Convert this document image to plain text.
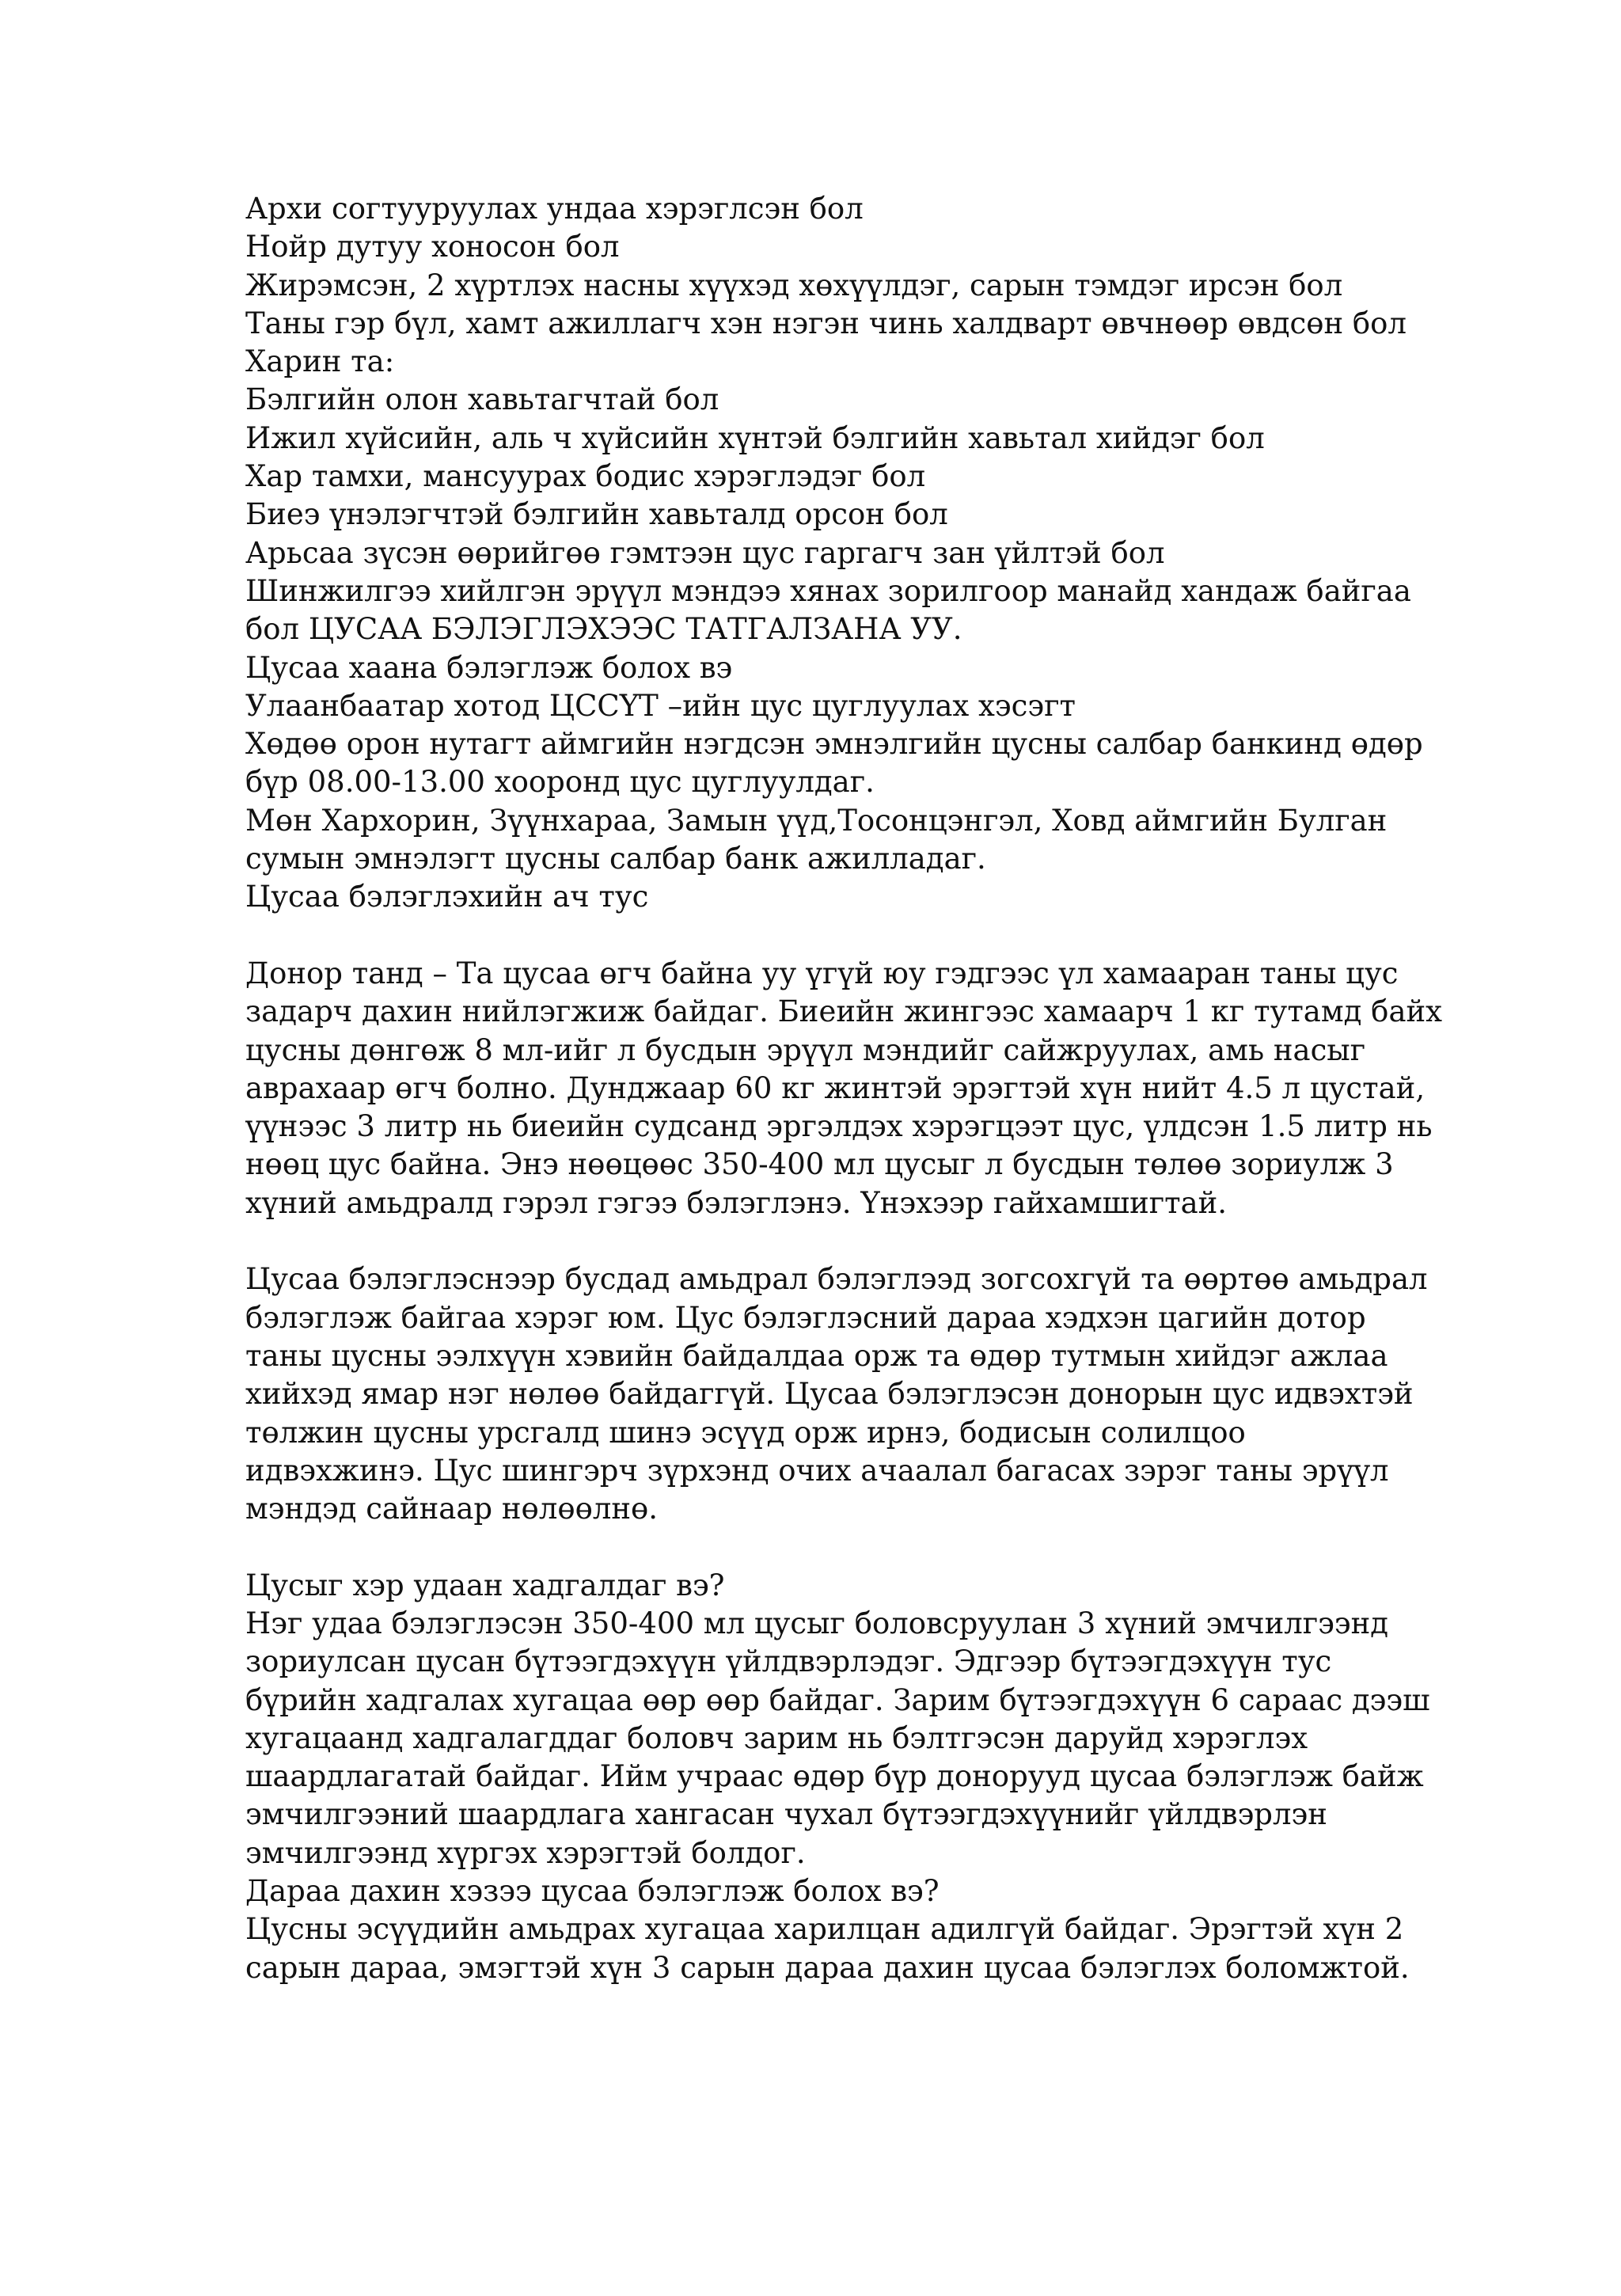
Архи согтууруулах ундаа хэрэглсэн бол
Нойр дутуу хоносон бол
Жирэмсэн, 2 хүртлэх насны хүүхэд хөхүүлдэг, сарын тэмдэг ирсэн бол
Таны гэр бүл, хамт ажиллагч хэн нэгэн чинь халдварт өвчнөөр өвдсөн бол
Харин та:
Бэлгийн олон хавьтагчтай бол
Ижил хүйсийн, аль ч хүйсийн хүнтэй бэлгийн хавьтал хийдэг бол
Хар тамхи, мансуурах бодис хэрэглэдэг бол
Биеэ үнэлэгчтэй бэлгийн хавьталд орсон бол
Арьсаа зүсэн өөрийгөө гэмтээн цус гаргагч зан үйлтэй бол
Шинжилгээ хийлгэн эрүүл мэндээ хянах зорилгоор манайд хандаж байгаа
бол ЦУСАА БЭЛЭГЛЭХЭЭС ТАТГАЛЗАНА УУ.
Цусаа хаана бэлэглэж болох вэ
Улаанбаатар хотод ЦССҮТ –ийн цус цуглуулах хэсэгт
Хөдөө орон нутагт аймгийн нэгдсэн эмнэлгийн цусны салбар банкинд өдөр
бүр 08.00-13.00 хооронд цус цуглуулдаг.
Мөн Хархорин, Зүүнхараа, Замын үүд,Тосонцэнгэл, Ховд аймгийн Булган
сумын эмнэлэгт цусны салбар банк ажилладаг.
Цусаа бэлэглэхийн ач тус
Донор танд – Та цусаа өгч байна уу үгүй юу гэдгээс үл хамааран таны цус
задарч дахин нийлэгжиж байдаг. Биеийн жингээс хамаарч 1 кг тутамд байх
цусны дөнгөж 8 мл-ийг л бусдын эрүүл мэндийг сайжруулах, амь насыг
аврахаар өгч болно. Дунджаар 60 кг жинтэй эрэгтэй хүн нийт 4.5 л цустай,
үүнээс 3 литр нь биеийн судсанд эргэлдэх хэрэгцээт цус, үлдсэн 1.5 литр нь
нөөц цус байна. Энэ нөөцөөс 350-400 мл цусыг л бусдын төлөө зориулж 3
хүний амьдралд гэрэл гэгээ бэлэглэнэ. Үнэхээр гайхамшигтай.
Цусаа бэлэглэснээр бусдад амьдрал бэлэглээд зогсохгүй та өөртөө амьдрал
бэлэглэж байгаа хэрэг юм. Цус бэлэглэсний дараа хэдхэн цагийн дотор
таны цусны ээлхүүн хэвийн байдалдаа орж та өдөр тутмын хийдэг ажлаа
хийхэд ямар нэг нөлөө байдаггүй. Цусаа бэлэглэсэн донорын цус идвэхтэй
төлжин цусны урсгалд шинэ эсүүд орж ирнэ, бодисын солилцоо
идвэхжинэ. Цус шингэрч зүрхэнд очих ачаалал багасах зэрэг таны эрүүл
мэндэд сайнаар нөлөөлнө.
Цусыг хэр удаан хадгалдаг вэ?
Нэг удаа бэлэглэсэн 350-400 мл цусыг боловсруулан 3 хүний эмчилгээнд
зориулсан цусан бүтээгдэхүүн үйлдвэрлэдэг. Эдгээр бүтээгдэхүүн тус
бүрийн хадгалах хугацаа өөр өөр байдаг. Зарим бүтээгдэхүүн 6 сараас дээш
хугацаанд хадгалагддаг боловч зарим нь бэлтгэсэн даруйд хэрэглэх
шаардлагатай байдаг. Ийм учраас өдөр бүр донорууд цусаа бэлэглэж байж
эмчилгээний шаардлага хангасан чухал бүтээгдэхүүнийг үйлдвэрлэн
эмчилгээнд хүргэх хэрэгтэй болдог.
Дараа дахин хэзээ цусаа бэлэглэж болох вэ?
Цусны эсүүдийн амьдрах хугацаа харилцан адилгүй байдаг. Эрэгтэй хүн 2
сарын дараа, эмэгтэй хүн 3 сарын дараа дахин цусаа бэлэглэх боломжтой.
